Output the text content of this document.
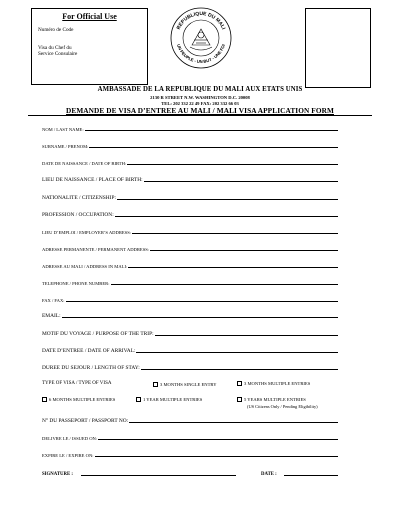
For Official Use
Numéro de Code
Visa du Chef du
Service Consulaire
REPUBLIQUE DU MALI
UN PEUPLE - UN BUT - UNE FOI
AMBASSADE DE LA REPUBLIQUE DU MALI AUX ETATS UNIS
2130 R STREET N.W. WASHINGTON D.C. 20008
TEL: 202 332 22 49 FAX: 202 332 66 03
DEMANDE DE VISA D’ENTREE AU MALI / MALI VISA APPLICATION FORM
NOM / LAST NAME:
SURNAME / PRENOM:
DATE DE NAISSANCE / DATE OF BIRTH:
LIEU DE NAISSANCE / PLACE OF BIRTH:
NATIONALITE / CITIZENSHIP:
PROFESSION / OCCUPATION:
LIEU D’EMPLOI / EMPLOYER’S ADDRESS:
ADRESSE PERMANENTE / PERMANENT ADDRESS:
ADRESSE AU MALI / ADDRESS IN MALI:
TELEPHONE / PHONE NUMBER:
FAX / FAX:
EMAIL:
MOTIF DU VOYAGE / PURPOSE OF THE TRIP:
DATE D’ENTREE / DATE OF ARRIVAL:
DUREE DU SEJOUR / LENGTH OF STAY:
TYPE OF VISA / TYPE OF VISA	3 MONTHS SINGLE ENTRY	3 MONTHS MULTIPLE ENTRIES
6 MONTHS MULTIPLE ENTRIES	1 YEAR MULTIPLE ENTRIES	5 YEARS MULTIPLE ENTRIES
(US Citizens Only / Pending Eligibility)
N° DU PASSEPORT / PASSPORT NO:
DELIVRE LE / ISSUED ON:
EXPIRE LE / EXPIRE ON:
SIGNATURE :	DATE :
